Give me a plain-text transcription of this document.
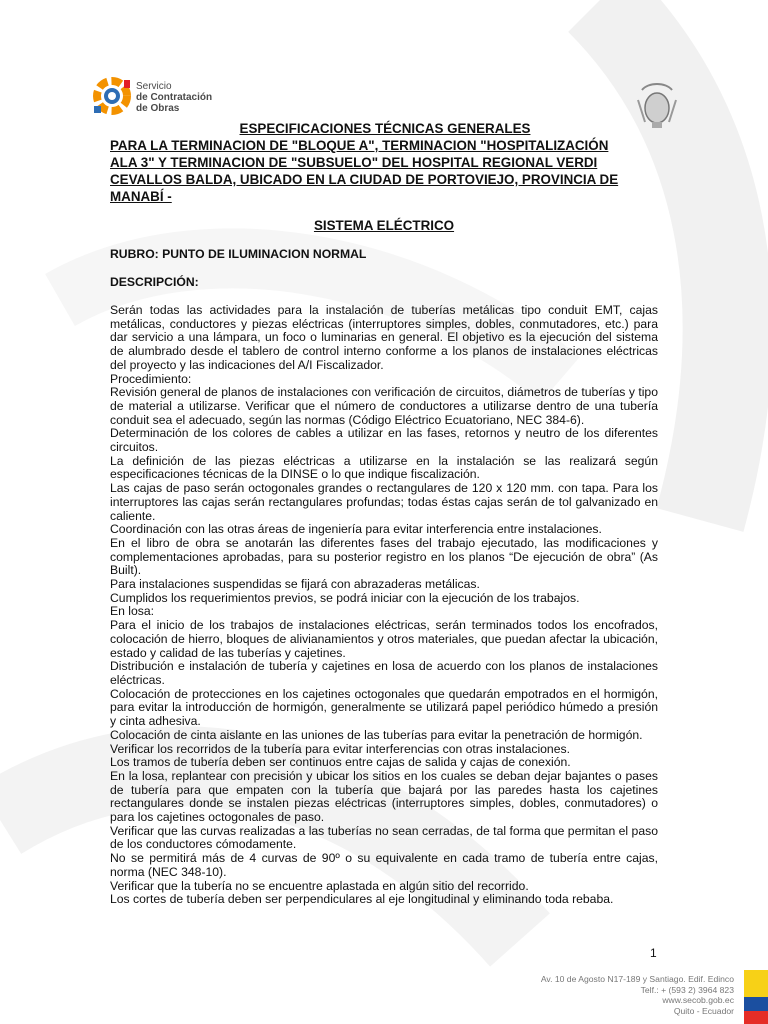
Servicio
de Contratación
de Obras
ESPECIFICACIONES TÉCNICAS GENERALES
PARA LA TERMINACION DE "BLOQUE A", TERMINACION "HOSPITALIZACIÓN
ALA 3" Y TERMINACION DE "SUBSUELO" DEL HOSPITAL REGIONAL VERDI
CEVALLOS BALDA, UBICADO EN LA CIUDAD DE PORTOVIEJO, PROVINCIA DE
MANABÍ -
SISTEMA ELÉCTRICO
RUBRO: PUNTO DE ILUMINACION NORMAL
DESCRIPCIÓN:

Serán todas las actividades para la instalación de tuberías metálicas tipo conduit EMT, cajas metálicas, conductores y piezas eléctricas (interruptores simples, dobles, conmutadores, etc.) para dar servicio a una lámpara, un foco o luminarias en general. El objetivo es la ejecución del sistema de alumbrado desde el tablero de control interno conforme a los planos de instalaciones eléctricas del proyecto y las indicaciones del A/I Fiscalizador.

Procedimiento:

Revisión general de planos de instalaciones con verificación de circuitos, diámetros de tuberías y tipo de material a utilizarse. Verificar que el número de conductores a utilizarse dentro de una tubería conduit sea el adecuado, según las normas (Código Eléctrico Ecuatoriano, NEC 384-6).

Determinación de los colores de cables a utilizar en las fases, retornos y neutro de los diferentes circuitos.

La definición de las piezas eléctricas a utilizarse en la instalación se las realizará según especificaciones técnicas de la DINSE o lo que indique fiscalización.

Las cajas de paso serán octogonales grandes o rectangulares de 120 x 120 mm. con tapa. Para los interruptores las cajas serán rectangulares profundas; todas éstas cajas serán de tol galvanizado en caliente.

Coordinación con las otras áreas de ingeniería para evitar interferencia entre instalaciones.

En el libro de obra se anotarán las diferentes fases del trabajo ejecutado, las modificaciones y complementaciones aprobadas, para su posterior registro en los planos “De ejecución de obra” (As Built).

Para instalaciones suspendidas se fijará con abrazaderas metálicas.

Cumplidos los requerimientos previos, se podrá iniciar con la ejecución de los trabajos.

En losa:

Para el inicio de los trabajos de instalaciones eléctricas, serán terminados todos los encofrados, colocación de hierro, bloques de alivianamientos y otros materiales, que puedan afectar la ubicación, estado y calidad de las tuberías y cajetines.

Distribución e instalación de tubería y cajetines en losa de acuerdo con los planos de instalaciones eléctricas.

Colocación de protecciones en los cajetines octogonales que quedarán empotrados en el hormigón, para evitar la introducción de hormigón, generalmente se utilizará papel periódico húmedo a presión y cinta adhesiva.

Colocación de cinta aislante en las uniones de las tuberías para evitar la penetración de hormigón.

Verificar los recorridos de la tubería para evitar interferencias con otras instalaciones.

Los tramos de tubería deben ser continuos entre cajas de salida y cajas de conexión.

En la losa, replantear con precisión y ubicar los sitios en los cuales se deban dejar bajantes o pases de tubería para que empaten con la tubería que bajará por las paredes hasta los cajetines rectangulares donde se instalen piezas eléctricas (interruptores simples, dobles, conmutadores) o para los cajetines octogonales de paso.

Verificar que las curvas realizadas a las tuberías no sean cerradas, de tal forma que permitan el paso de los conductores cómodamente.

No se permitirá más de 4 curvas de 90º o su equivalente en cada tramo de tubería entre cajas, norma (NEC 348-10).

Verificar que la tubería no se encuentre aplastada en algún sitio del recorrido.

Los cortes de tubería deben ser perpendiculares al eje longitudinal y eliminando toda rebaba.

1
Av. 10 de Agosto N17-189 y Santiago. Edif. Edinco
Telf.: + (593 2) 3964 823
www.secob.gob.ec
Quito - Ecuador
